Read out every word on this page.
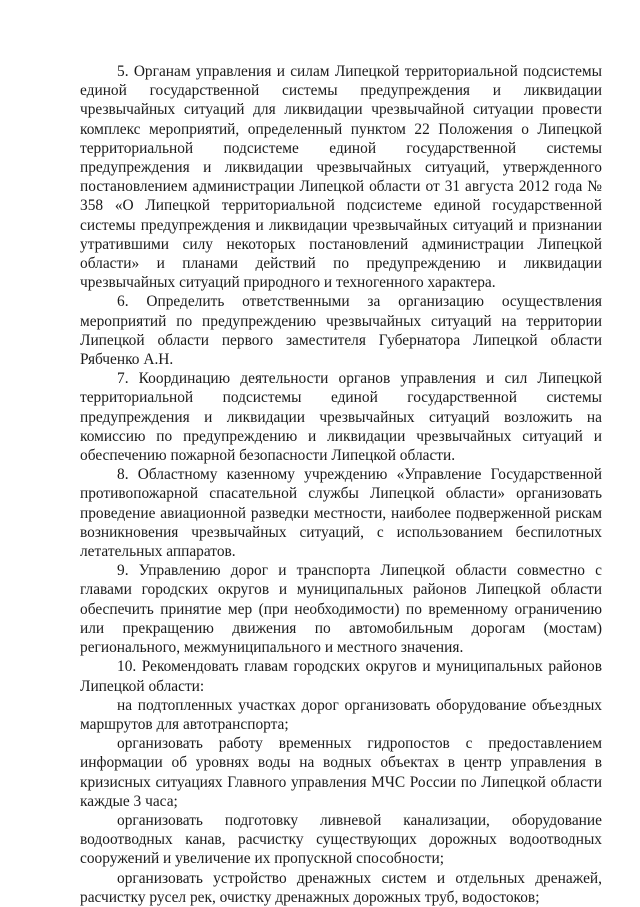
5. Органам управления и силам Липецкой территориальной подсистемы единой государственной системы предупреждения и ликвидации чрезвычайных ситуаций для ликвидации чрезвычайной ситуации провести комплекс мероприятий, определенный пунктом 22 Положения о Липецкой территориальной подсистеме единой государственной системы предупреждения и ликвидации чрезвычайных ситуаций, утвержденного постановлением администрации Липецкой области от 31 августа 2012 года № 358 «О Липецкой территориальной подсистеме единой государственной системы предупреждения и ликвидации чрезвычайных ситуаций и признании утратившими силу некоторых постановлений администрации Липецкой области» и планами действий по предупреждению и ликвидации чрезвычайных ситуаций природного и техногенного характера.

6. Определить ответственными за организацию осуществления мероприятий по предупреждению чрезвычайных ситуаций на территории Липецкой области первого заместителя Губернатора Липецкой области Рябченко А.Н.

7. Координацию деятельности органов управления и сил Липецкой территориальной подсистемы единой государственной системы предупреждения и ликвидации чрезвычайных ситуаций возложить на комиссию по предупреждению и ликвидации чрезвычайных ситуаций и обеспечению пожарной безопасности Липецкой области.

8. Областному казенному учреждению «Управление Государственной противопожарной спасательной службы Липецкой области» организовать проведение авиационной разведки местности, наиболее подверженной рискам возникновения чрезвычайных ситуаций, с использованием беспилотных летательных аппаратов.

9. Управлению дорог и транспорта Липецкой области совместно с главами городских округов и муниципальных районов Липецкой области обеспечить принятие мер (при необходимости) по временному ограничению или прекращению движения по автомобильным дорогам (мостам) регионального, межмуниципального и местного значения.

10. Рекомендовать главам городских округов и муниципальных районов Липецкой области:

на подтопленных участках дорог организовать оборудование объездных маршрутов для автотранспорта;

организовать работу временных гидропостов с предоставлением информации об уровнях воды на водных объектах в центр управления в кризисных ситуациях Главного управления МЧС России по Липецкой области каждые 3 часа;

организовать подготовку ливневой канализации, оборудование водоотводных канав, расчистку существующих дорожных водоотводных сооружений и увеличение их пропускной способности;

организовать устройство дренажных систем и отдельных дренажей, расчистку русел рек, очистку дренажных дорожных труб, водостоков;
